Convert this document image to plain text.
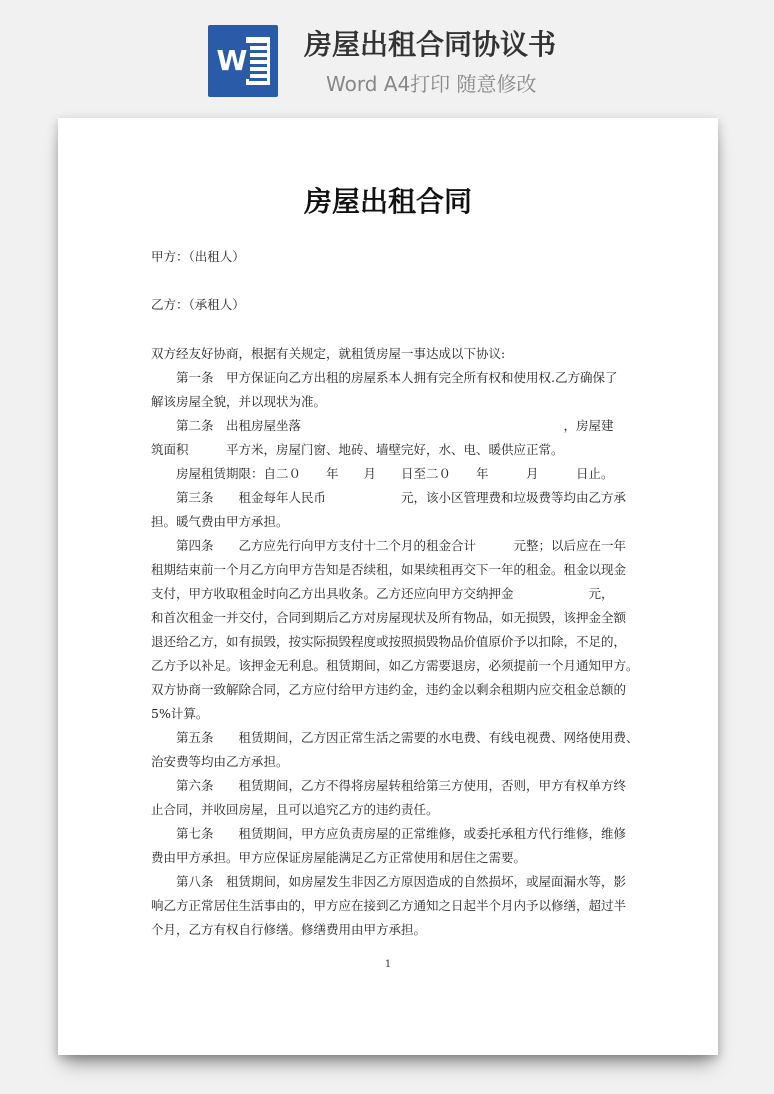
W 房屋出租合同协议书
Word A4打印 随意修改
房屋出租合同
甲方：（出租人）
乙方：（承租人）
双方经友好协商，根据有关规定，就租赁房屋一事达成以下协议:
　　第一条　甲方保证向乙方出租的房屋系本人拥有完全所有权和使用权.乙方确保了
解该房屋全貌，并以现状为准。
　　第二条　出租房屋坐落　　　　　　　　　　　　　　　　　　　　　，房屋建
筑面积　　　平方米，房屋门窗、地砖、墙壁完好，水、电、暖供应正常。
　　房屋租赁期限：自二０　　年　　月　　日至二０　　年　　　月　　　日止。
　　第三条　　租金每年人民币　　　　　　元，该小区管理费和垃圾费等均由乙方承
担。暖气费由甲方承担。
　　第四条　　乙方应先行向甲方支付十二个月的租金合计　　　元整；以后应在一年
租期结束前一个月乙方向甲方告知是否续租，如果续租再交下一年的租金。租金以现金
支付，甲方收取租金时向乙方出具收条。乙方还应向甲方交纳押金　　　　　　元，
和首次租金一并交付，合同到期后乙方对房屋现状及所有物品，如无损毁，该押金全额
退还给乙方，如有损毁，按实际损毁程度或按照损毁物品价值原价予以扣除，不足的，
乙方予以补足。该押金无利息。租赁期间，如乙方需要退房，必须提前一个月通知甲方。
双方协商一致解除合同，乙方应付给甲方违约金，违约金以剩余租期内应交租金总额的
5%计算。
　　第五条　　租赁期间，乙方因正常生活之需要的水电费、有线电视费、网络使用费、
治安费等均由乙方承担。
　　第六条　　租赁期间，乙方不得将房屋转租给第三方使用，否则，甲方有权单方终
止合同，并收回房屋，且可以追究乙方的违约责任。
　　第七条　　租赁期间，甲方应负责房屋的正常维修，或委托承租方代行维修，维修
费由甲方承担。甲方应保证房屋能满足乙方正常使用和居住之需要。
　　第八条　租赁期间，如房屋发生非因乙方原因造成的自然损坏，或屋面漏水等，影
响乙方正常居住生活事由的，甲方应在接到乙方通知之日起半个月内予以修缮，超过半
个月，乙方有权自行修缮。修缮费用由甲方承担。
1
